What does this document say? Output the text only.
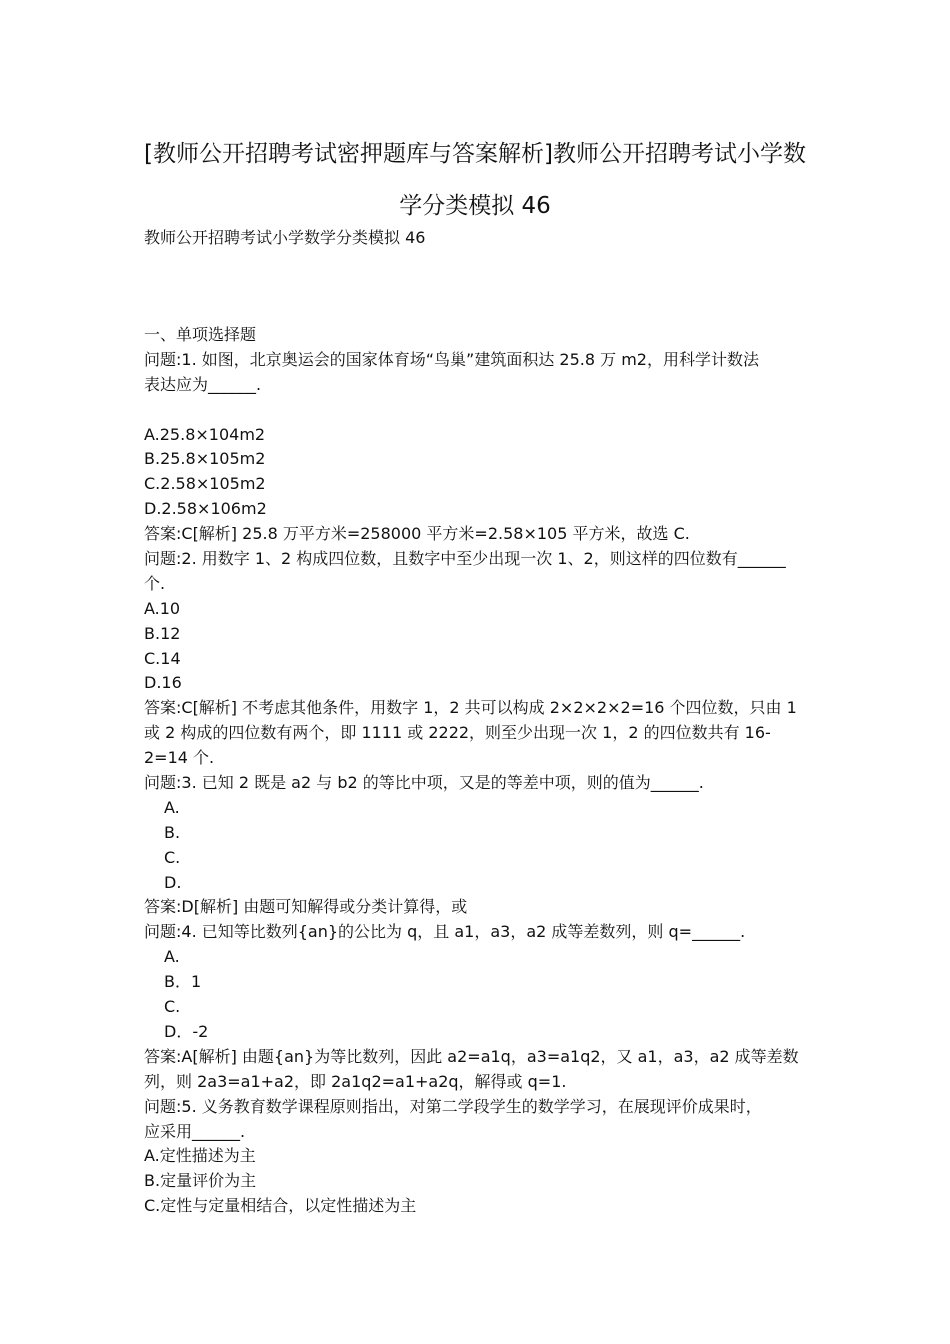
[教师公开招聘考试密押题库与答案解析]教师公开招聘考试小学数
学分类模拟 46
教师公开招聘考试小学数学分类模拟 46
一、单项选择题
问题:1. 如图，北京奥运会的国家体育场“鸟巢”建筑面积达 25.8 万 m2，用科学计数法
表达应为______.
A.25.8×104m2
B.25.8×105m2
C.2.58×105m2
D.2.58×106m2
答案:C[解析] 25.8 万平方米=258000 平方米=2.58×105 平方米，故选 C.
问题:2. 用数字 1、2 构成四位数，且数字中至少出现一次 1、2，则这样的四位数有______
个.
A.10
B.12
C.14
D.16
答案:C[解析] 不考虑其他条件，用数字 1，2 共可以构成 2×2×2×2=16 个四位数，只由 1
或 2 构成的四位数有两个，即 1111 或 2222，则至少出现一次 1，2 的四位数共有 16-
2=14 个.
问题:3. 已知 2 既是 a2 与 b2 的等比中项，又是的等差中项，则的值为______.
A.
B.
C.
D.
答案:D[解析] 由题可知解得或分类计算得，或
问题:4. 已知等比数列{an}的公比为 q，且 a1，a3，a2 成等差数列，则 q=______.
A.
B．1
C.
D．-2
答案:A[解析] 由题{an}为等比数列，因此 a2=a1q，a3=a1q2，又 a1，a3，a2 成等差数
列，则 2a3=a1+a2，即 2a1q2=a1+a2q，解得或 q=1.
问题:5. 义务教育数学课程原则指出，对第二学段学生的数学学习，在展现评价成果时，
应采用______.
A.定性描述为主
B.定量评价为主
C.定性与定量相结合，以定性描述为主
